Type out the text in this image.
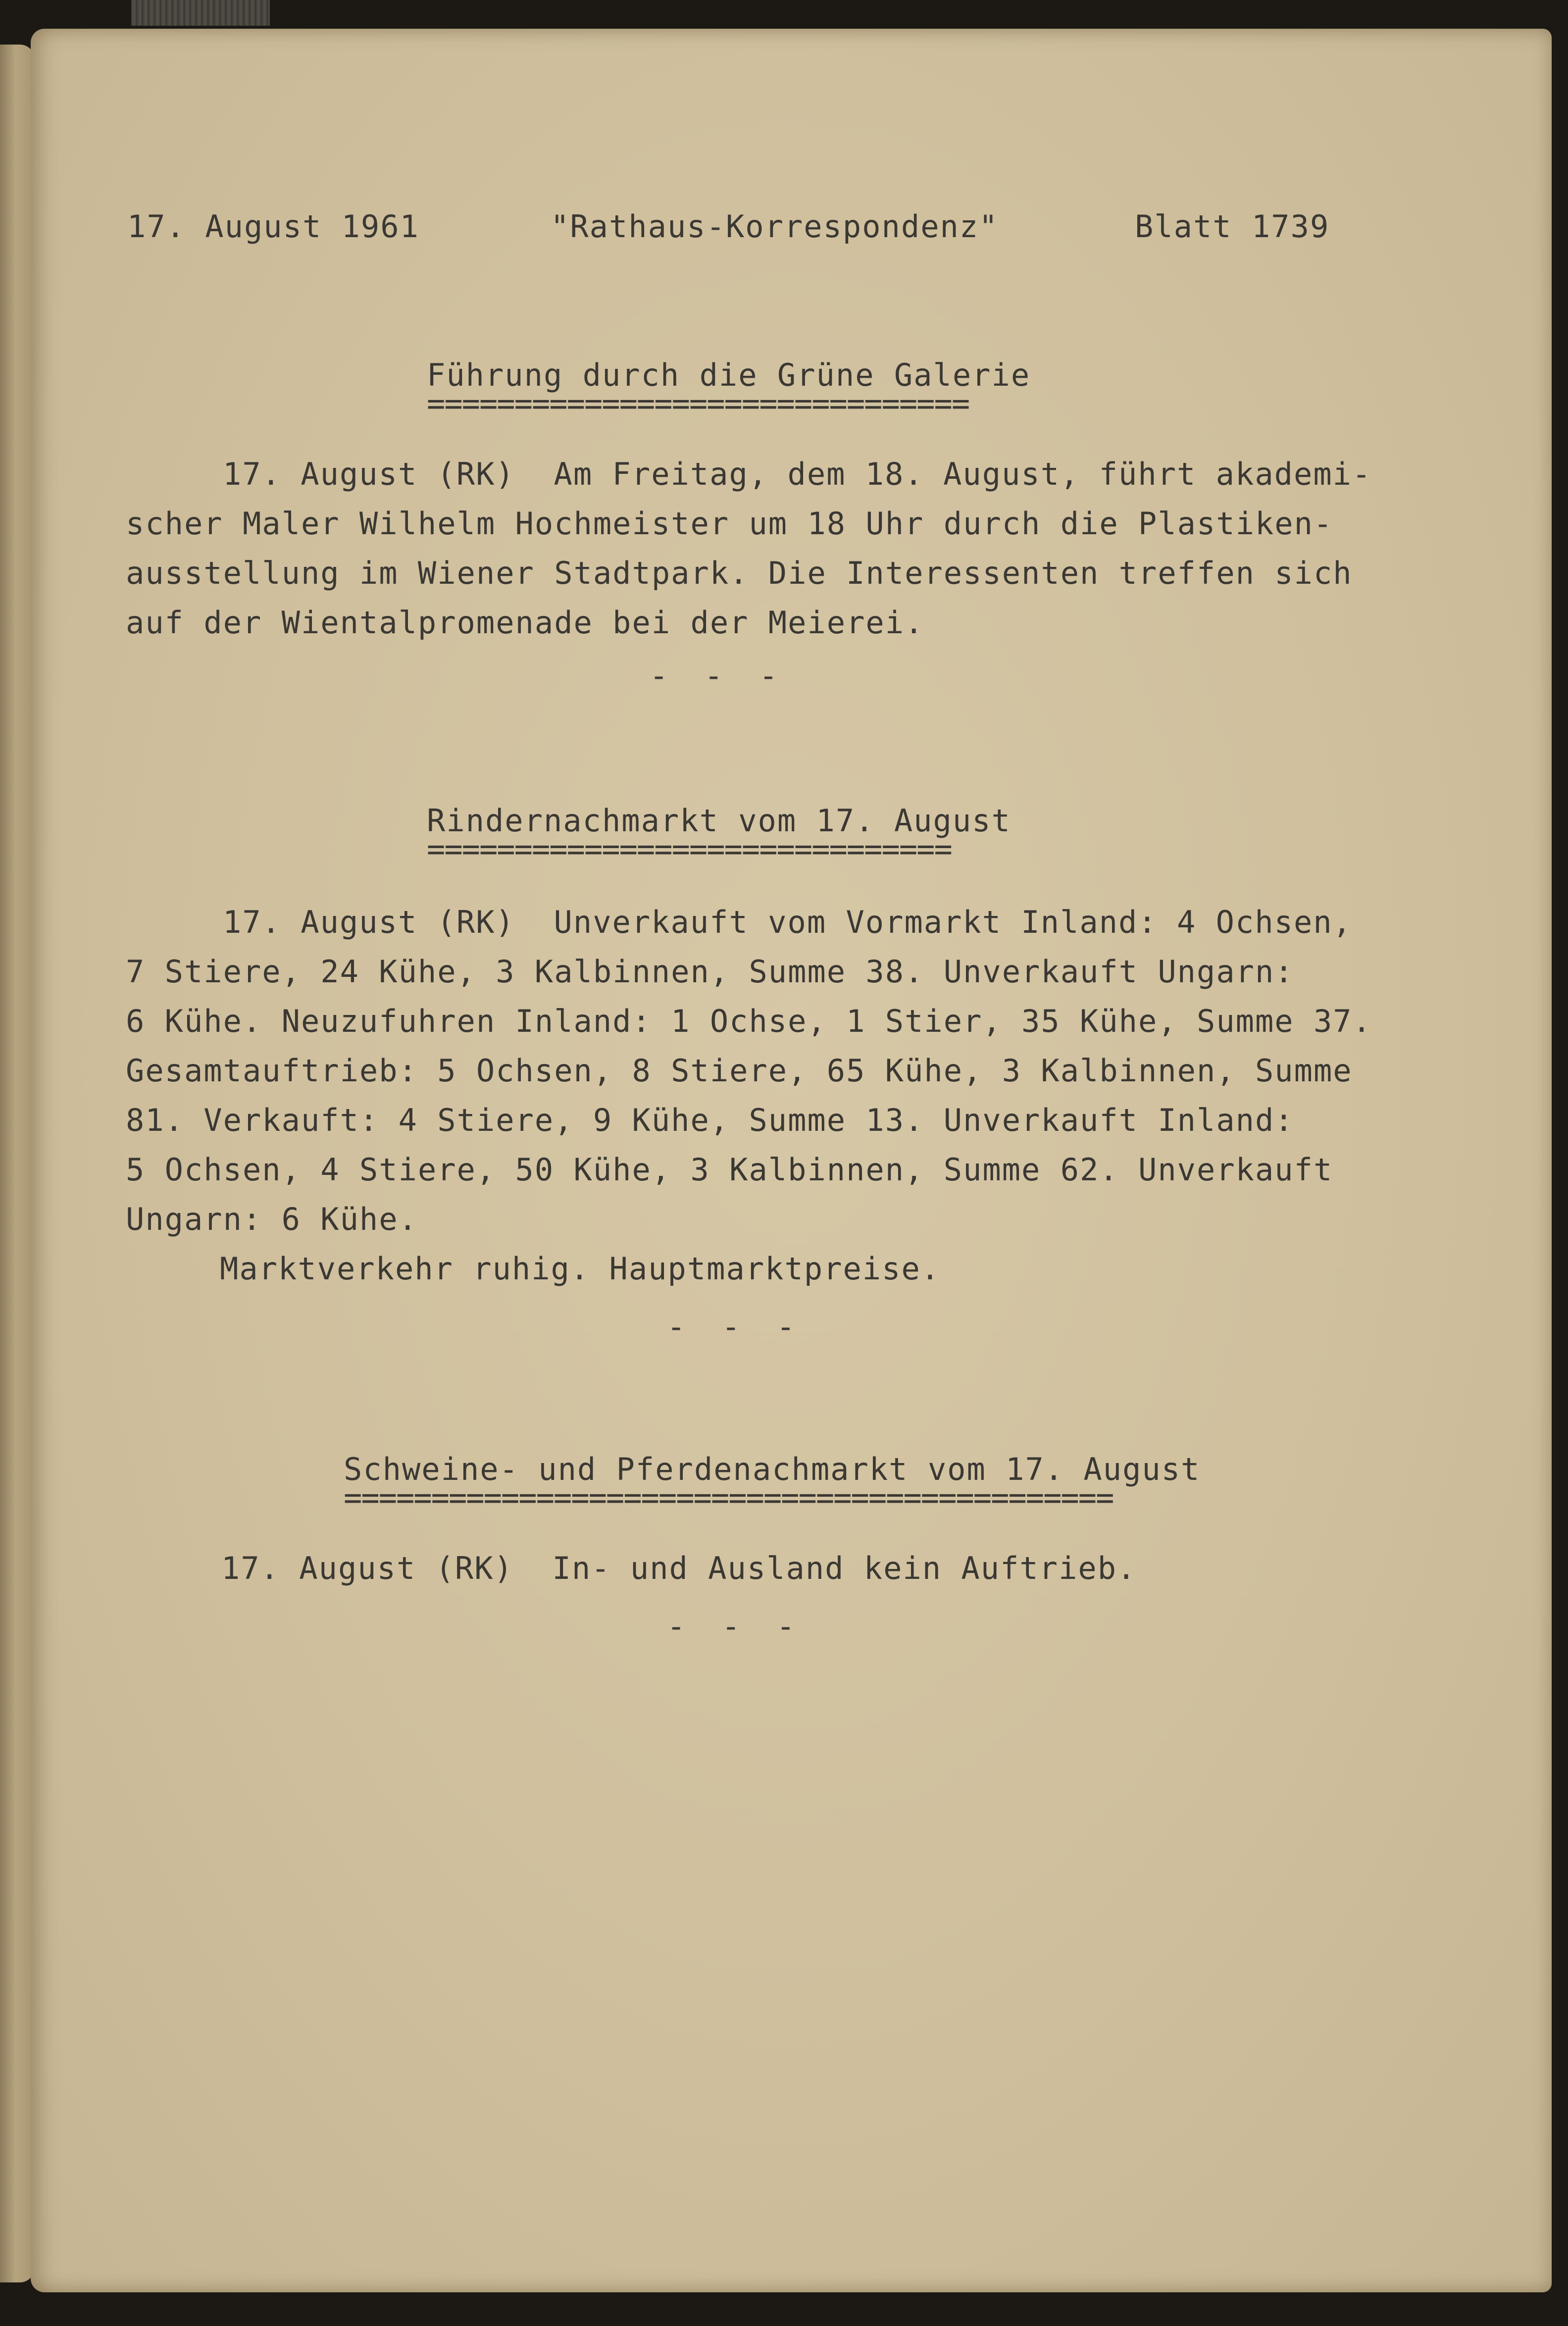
17. August 1961	"Rathaus-Korrespondenz"	Blatt 1739
Führung durch die Grüne Galerie
===============================
17. August (RK)  Am Freitag, dem 18. August, führt akademi-
scher Maler Wilhelm Hochmeister um 18 Uhr durch die Plastiken-
ausstellung im Wiener Stadtpark. Die Interessenten treffen sich
auf der Wientalpromenade bei der Meierei.
- - -
Rindernachmarkt vom 17. August
==============================
17. August (RK)  Unverkauft vom Vormarkt Inland: 4 Ochsen,
7 Stiere, 24 Kühe, 3 Kalbinnen, Summe 38. Unverkauft Ungarn:
6 Kühe. Neuzufuhren Inland: 1 Ochse, 1 Stier, 35 Kühe, Summe 37.
Gesamtauftrieb: 5 Ochsen, 8 Stiere, 65 Kühe, 3 Kalbinnen, Summe
81. Verkauft: 4 Stiere, 9 Kühe, Summe 13. Unverkauft Inland:
5 Ochsen, 4 Stiere, 50 Kühe, 3 Kalbinnen, Summe 62. Unverkauft
Ungarn: 6 Kühe.
Marktverkehr ruhig. Hauptmarktpreise.
- - -
Schweine- und Pferdenachmarkt vom 17. August
============================================
17. August (RK)  In- und Ausland kein Auftrieb.
- - -
